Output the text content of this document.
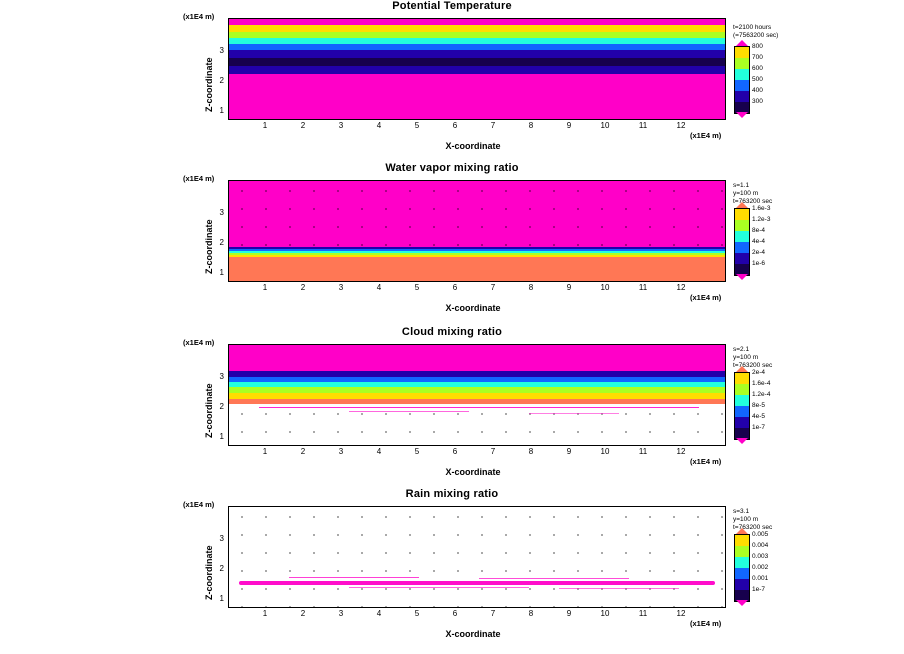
Potential Temperature
(x1E4 m)
Z-coordinate 1
2
3
1	2	3	4	5	6	7	8	9	10	11	12
(x1E4 m)
X-coordinate
t=2100 hours
(=7563200 sec)
800
700
600
500
400
300
Water vapor mixing ratio
(x1E4 m)
Z-coordinate 1
2
3
1	2	3	4	5	6	7	8	9	10	11	12
(x1E4 m)
X-coordinate
s=1.1
y=100 m
t=763200 sec
1.6e-3
1.2e-3
8e-4
4e-4
2e-4
1e-6
Cloud mixing ratio
(x1E4 m)
Z-coordinate 1
2
3
1	2	3	4	5	6	7	8	9	10	11	12
(x1E4 m)
X-coordinate
s=2.1
y=100 m
t=763200 sec
2e-4
1.6e-4
1.2e-4
8e-5
4e-5
1e-7
Rain mixing ratio
(x1E4 m)
Z-coordinate 1
2
3
1	2	3	4	5	6	7	8	9	10	11	12
(x1E4 m)
X-coordinate
s=3.1
y=100 m
t=763200 sec
0.005
0.004
0.003
0.002
0.001
1e-7
